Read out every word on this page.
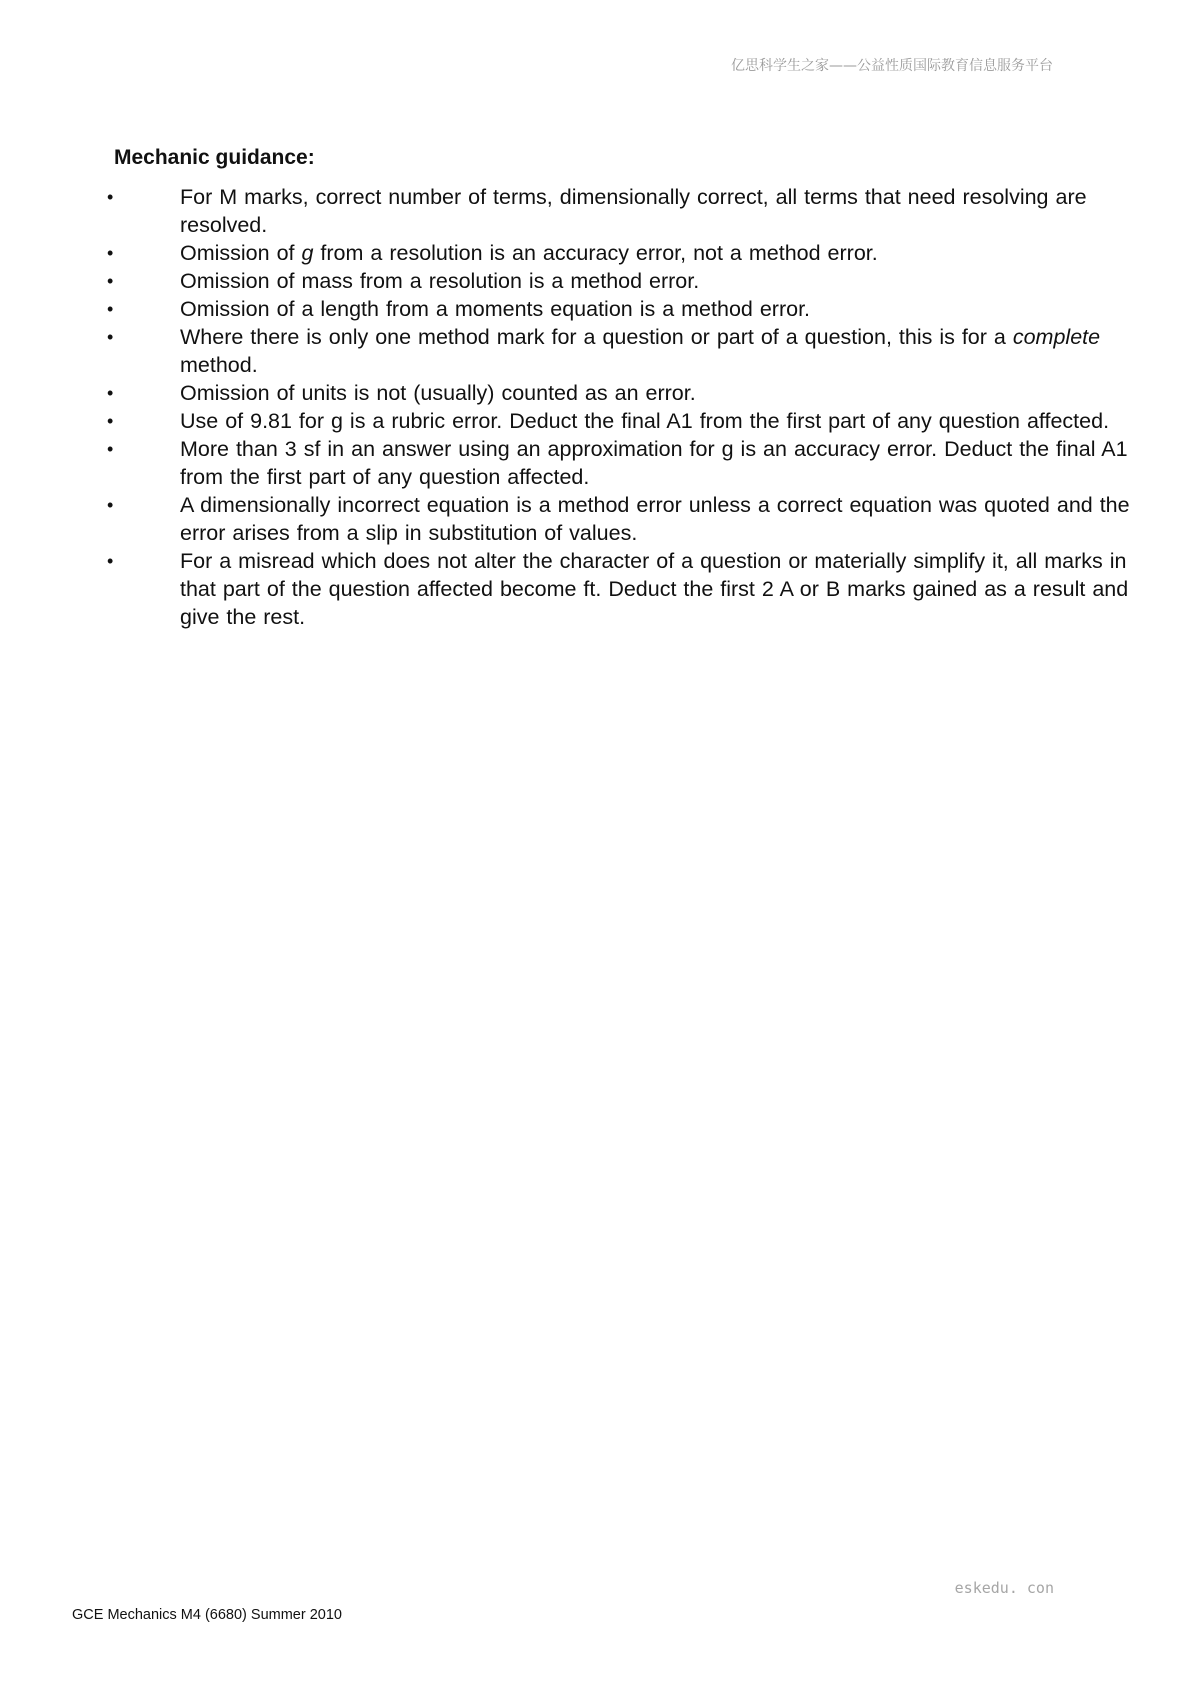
亿思科学生之家——公益性质国际教育信息服务平台
Mechanic guidance:
•	For M marks, correct number of terms, dimensionally correct, all terms that need resolving are resolved.
•	Omission of g from a resolution is an accuracy error, not a method error.
•	Omission of mass from a resolution is a method error.
•	Omission of a length from a moments equation is a method error.
•	Where there is only one method mark for a question or part of a question, this is for a complete method.
•	Omission of units is not (usually) counted as an error.
•	Use of 9.81 for g is a rubric error. Deduct the final A1 from the first part of any question affected.
•	More than 3 sf in an answer using an approximation for g is an accuracy error. Deduct the final A1 from the first part of any question affected.
•	A dimensionally incorrect equation is a method error unless a correct equation was quoted and the error arises from a slip in substitution of values.
•	For a misread which does not alter the character of a question or materially simplify it, all marks in that part of the question affected become ft. Deduct the first 2 A or B marks gained as a result and give the rest.
eskedu. con
GCE Mechanics M4 (6680) Summer 2010
